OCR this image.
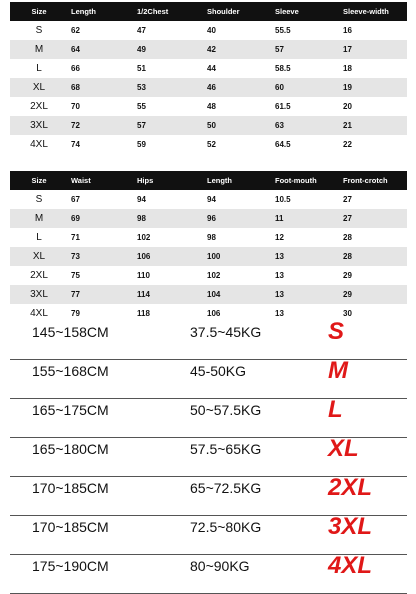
Size	Length	1/2Chest	Shoulder	Sleeve	Sleeve-width
S	62	47	40	55.5	16
M	64	49	42	57	17
L	66	51	44	58.5	18
XL	68	53	46	60	19
2XL	70	55	48	61.5	20
3XL	72	57	50	63	21
4XL	74	59	52	64.5	22
Size	Waist	Hips	Length	Foot-mouth	Front-crotch
S	67	94	94	10.5	27
M	69	98	96	11	27
L	71	102	98	12	28
XL	73	106	100	13	28
2XL	75	110	102	13	29
3XL	77	114	104	13	29
4XL	79	118	106	13	30
145~158CM	37.5~45KG	S
155~168CM	45-50KG	M
165~175CM	50~57.5KG	L
165~180CM	57.5~65KG	XL
170~185CM	65~72.5KG	2XL
170~185CM	72.5~80KG	3XL
175~190CM	80~90KG	4XL
